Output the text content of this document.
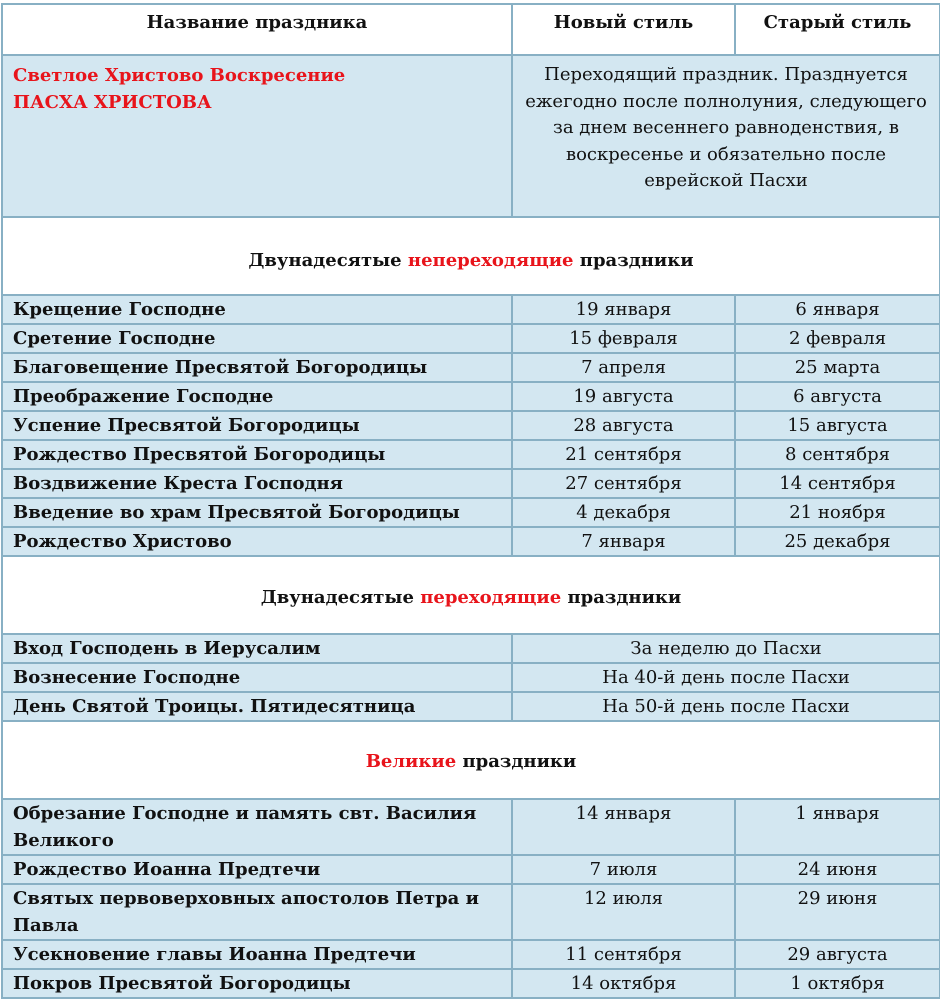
Название праздника	Новый стиль	Старый стиль

Светлое Христово Воскресение
ПАСХА ХРИСТОВА	Переходящий праздник. Празднуется ежегодно после полнолуния, следующего за днем весеннего равноденствия, в воскресенье и обязательно после еврейской Пасхи	
Двунадесятые непереходящие праздники		
Крещение Господне	19 января	6 января
Сретение Господне	15 февраля	2 февраля
Благовещение Пресвятой Богородицы	7 апреля	25 марта
Преображение Господне	19 августа	6 августа
Успение Пресвятой Богородицы	28 августа	15 августа
Рождество Пресвятой Богородицы	21 сентября	8 сентября
Воздвижение Креста Господня	27 сентября	14 сентября
Введение во храм Пресвятой Богородицы	4 декабря	21 ноября
Рождество Христово	7 января	25 декабря
Двунадесятые переходящие праздники		
Вход Господень в Иерусалим	За неделю до Пасхи	
Вознесение Господне	На 40-й день после Пасхи	
День Святой Троицы. Пятидесятница	На 50-й день после Пасхи	
Великие праздники		
Обрезание Господне и память свт. Василия Великого	14 января	1 января
Рождество Иоанна Предтечи	7 июля	24 июня
Святых первоверховных апостолов Петра и Павла	12 июля	29 июня
Усекновение главы Иоанна Предтечи	11 сентября	29 августа
Покров Пресвятой Богородицы	14 октября	1 октября
